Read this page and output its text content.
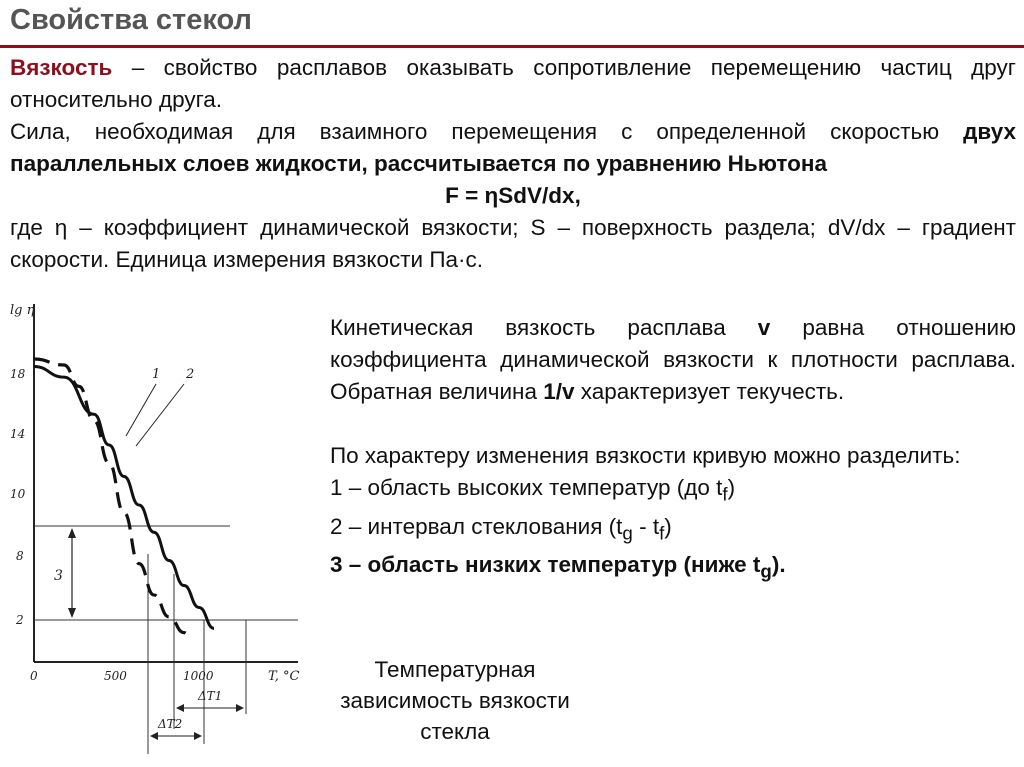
Свойства стекол

Вязкость – свойство расплавов оказывать сопротивление перемещению частиц друг относительно друга.

Сила, необходимая для взаимного перемещения с определенной скоростью двух параллельных слоев жидкости, рассчитывается по уравнению Ньютона

F = ηSdV/dx,

где η – коэффициент динамической вязкости; S – поверхность раздела; dV/dx – градиент скорости. Единица измерения вязкости Па·с.

lg η
T, °C
18
14
10
8
2
0	500	1000
1 2
3
ΔT1
ΔT2

Кинетическая вязкость расплава v равна отношению коэффициента динамической вязкости к плотности расплава. Обратная величина 1/v характеризует текучесть.

По характеру изменения вязкости кривую можно разделить:

1 – область высоких температур (до $t_f$)

2 – интервал стеклования $(t_g - t_f)$

3 – область низких температур (ниже $t_g$).

Температурная
зависимость вязкости
стекла
